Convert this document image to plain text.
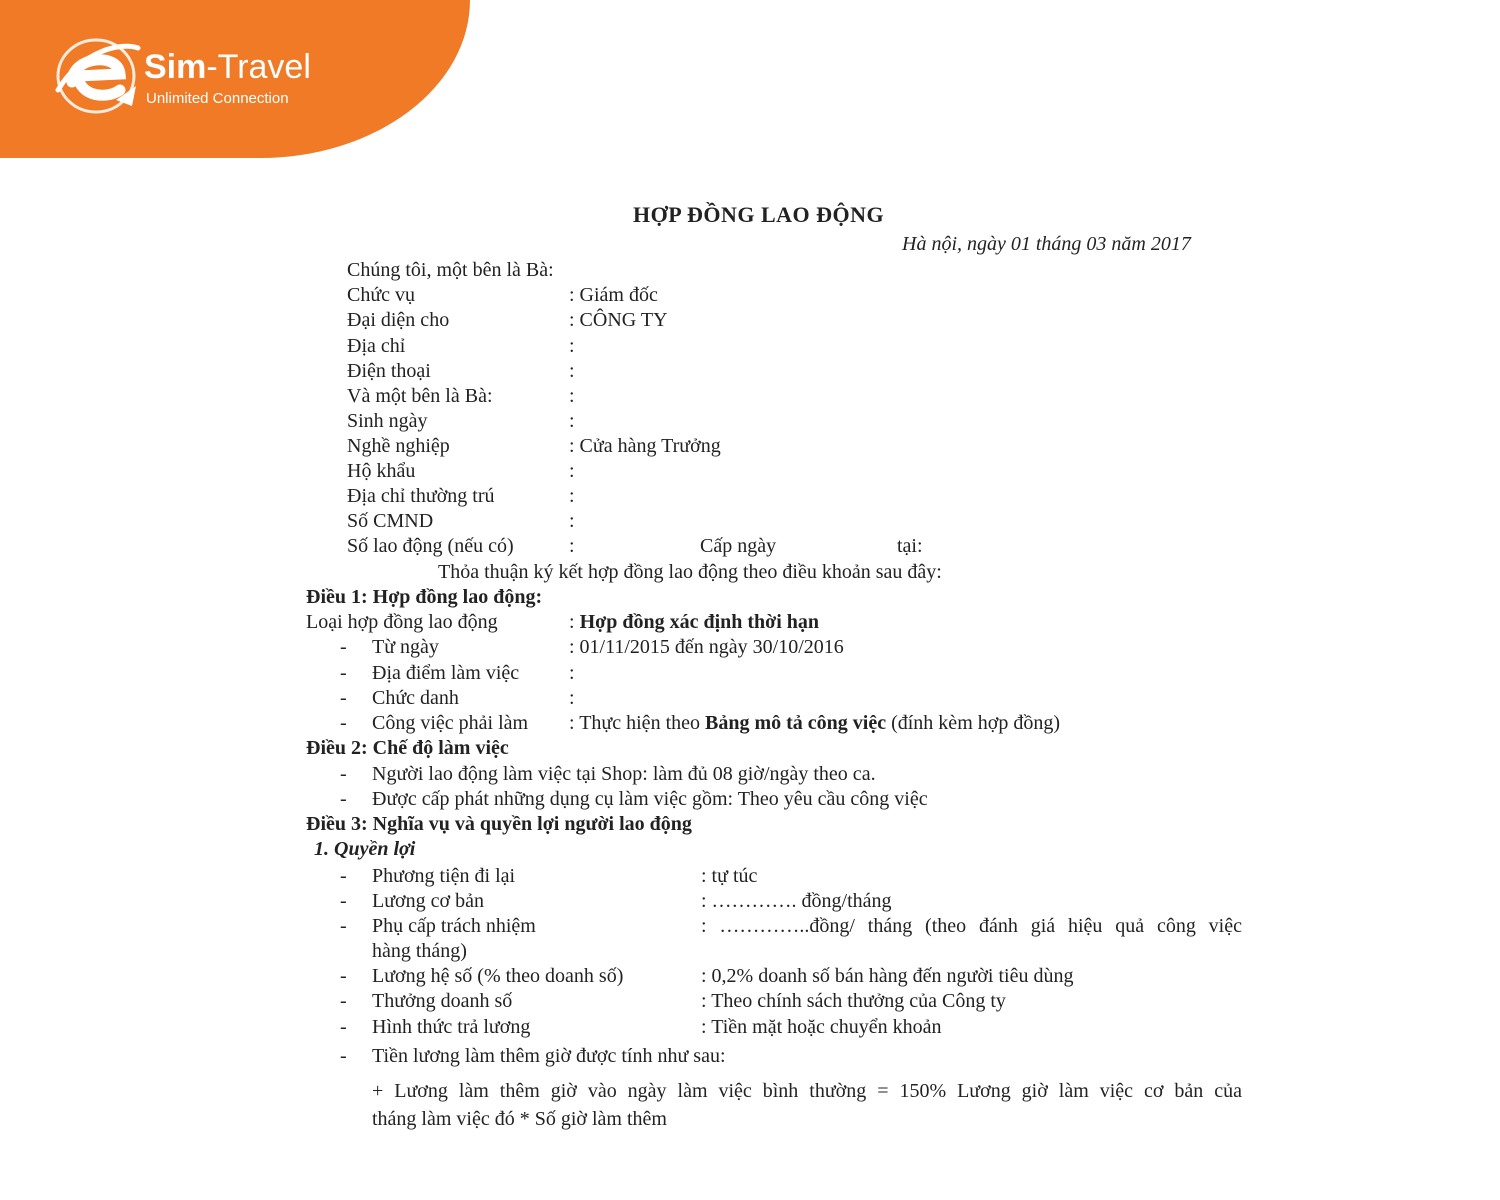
Sim-Travel
Unlimited Connection
HỢP ĐỒNG LAO ĐỘNG
Hà nội, ngày 01 tháng 03 năm 2017
Chúng tôi, một bên là Bà:
Chức vụ	: Giám đốc
Đại diện cho	: CÔNG TY
Địa chỉ	:
Điện thoại	:
Và một bên là Bà:	:
Sinh ngày	:
Nghề nghiệp	: Cửa hàng Trưởng
Hộ khẩu	:
Địa chỉ thường trú	:
Số CMND	:
Số lao động (nếu có)	:	Cấp ngày	tại:
Thỏa thuận ký kết hợp đồng lao động theo điều khoản sau đây:
Điều 1: Hợp đồng lao động:
Loại hợp đồng lao động	: Hợp đồng xác định thời hạn
- Từ ngày	: 01/11/2015 đến ngày 30/10/2016
- Địa điểm làm việc :
- Chức danh	:
- Công việc phải làm : Thực hiện theo Bảng mô tả công việc (đính kèm hợp đồng)
Điều 2: Chế độ làm việc
- Người lao động làm việc tại Shop: làm đủ 08 giờ/ngày theo ca.
- Được cấp phát những dụng cụ làm việc gồm: Theo yêu cầu công việc
Điều 3: Nghĩa vụ và quyền lợi người lao động
1. Quyền lợi
- Phương tiện đi lại	: tự túc
- Lương cơ bản	: …………. đồng/tháng
- Phụ cấp trách nhiệm	: …………..đồng/ tháng (theo đánh giá hiệu quả công việc
hàng tháng)
- Lương hệ số (% theo doanh số)	: 0,2% doanh số bán hàng đến người tiêu dùng
- Thưởng doanh số	: Theo chính sách thưởng của Công ty
- Hình thức trả lương	: Tiền mặt hoặc chuyển khoản
- Tiền lương làm thêm giờ được tính như sau:
+ Lương làm thêm giờ vào ngày làm việc bình thường = 150% Lương giờ làm việc cơ bản của
tháng làm việc đó * Số giờ làm thêm
